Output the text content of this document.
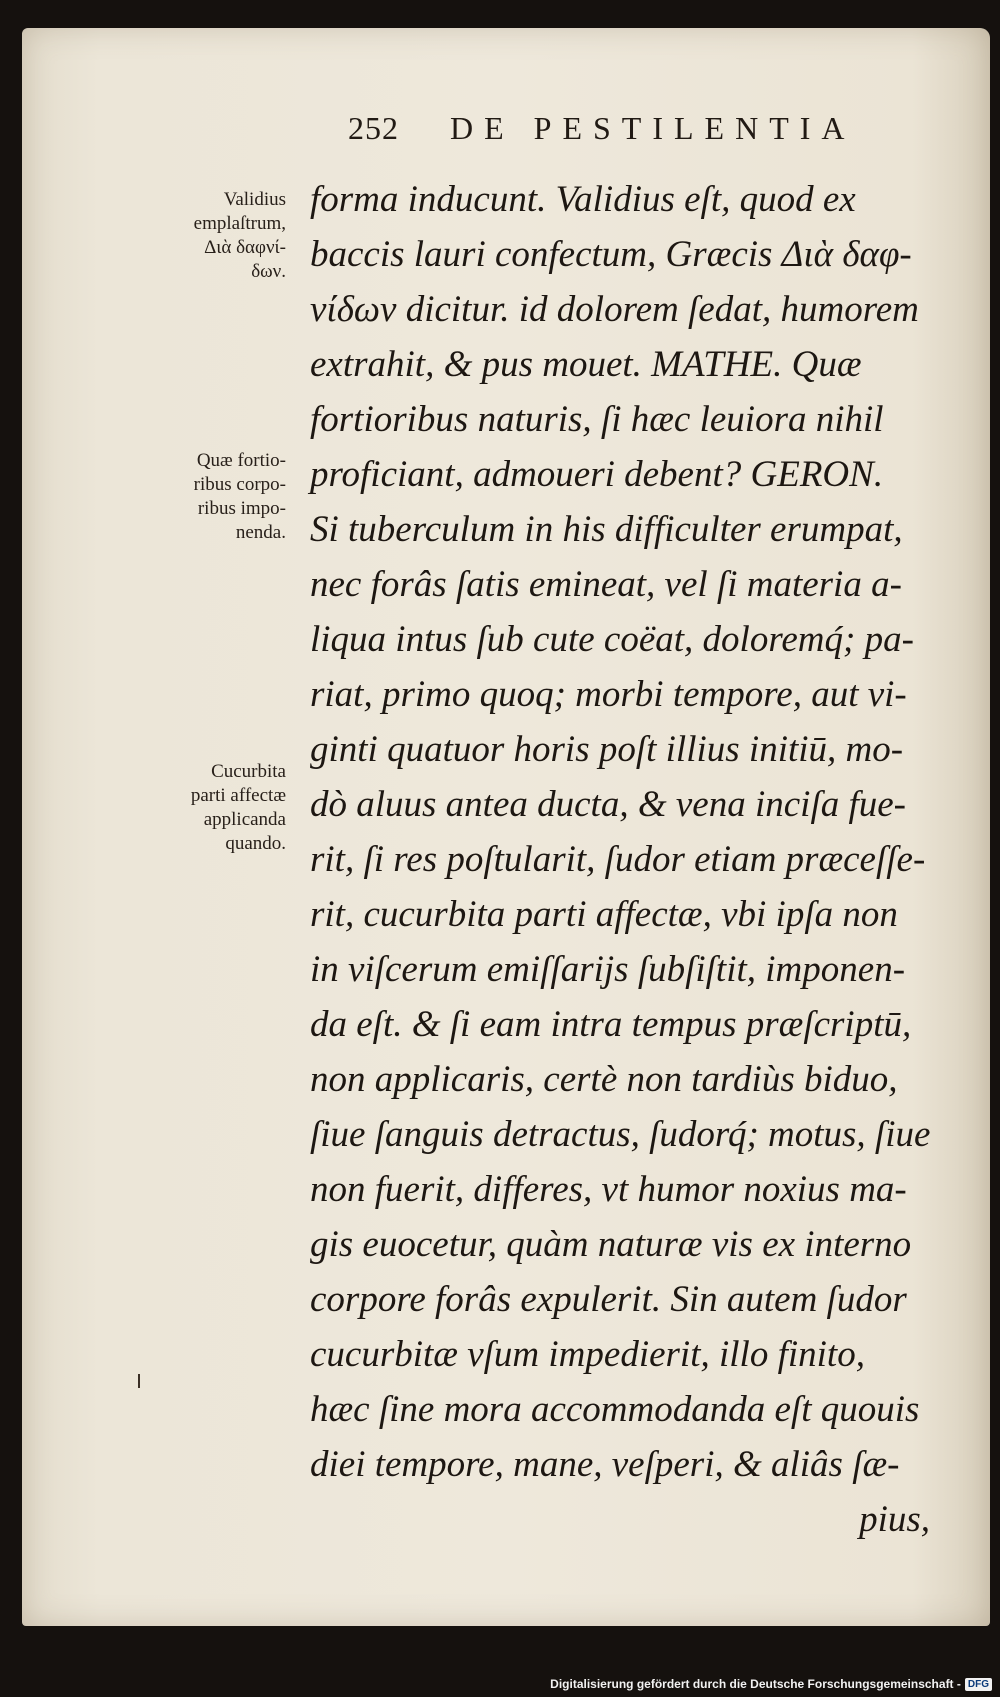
252 DE PESTILENTIA
Validius
emplaſtrum,
Διὰ δαφνί-
δων.
Quæ fortio-
ribus corpo-
ribus impo-
nenda.
Cucurbita
parti affectæ
applicanda
quando.
forma inducunt. Validius eſt, quod ex
baccis lauri confectum, Græcis Διὰ δαφ-
νίδων dicitur. id dolorem ſedat, humorem
extrahit, & pus mouet. MATHE. Quæ
fortioribus naturis, ſi hæc leuiora nihil
proficiant, admoueri debent? GERON.
Si tuberculum in his difficulter erumpat,
nec forâs ſatis emineat, vel ſi materia a-
liqua intus ſub cute coëat, doloremq́; pa-
riat, primo quoq; morbi tempore, aut vi-
ginti quatuor horis poſt illius initiū, mo-
dò aluus antea ducta, & vena inciſa fue-
rit, ſi res poſtularit, ſudor etiam præceſſe-
rit, cucurbita parti affectæ, vbi ipſa non
in viſcerum emiſſarijs ſubſiſtit, imponen-
da eſt. & ſi eam intra tempus præſcriptū,
non applicaris, certè non tardiùs biduo,
ſiue ſanguis detractus, ſudorq́; motus, ſiue
non fuerit, differes, vt humor noxius ma-
gis euocetur, quàm naturæ vis ex interno
corpore forâs expulerit. Sin autem ſudor
cucurbitæ vſum impedierit, illo finito,
hæc ſine mora accommodanda eſt quouis
diei tempore, mane, veſperi, & aliâs ſæ-
pius,
Digitalisierung gefördert durch die Deutsche Forschungsgemeinschaft - DFG
